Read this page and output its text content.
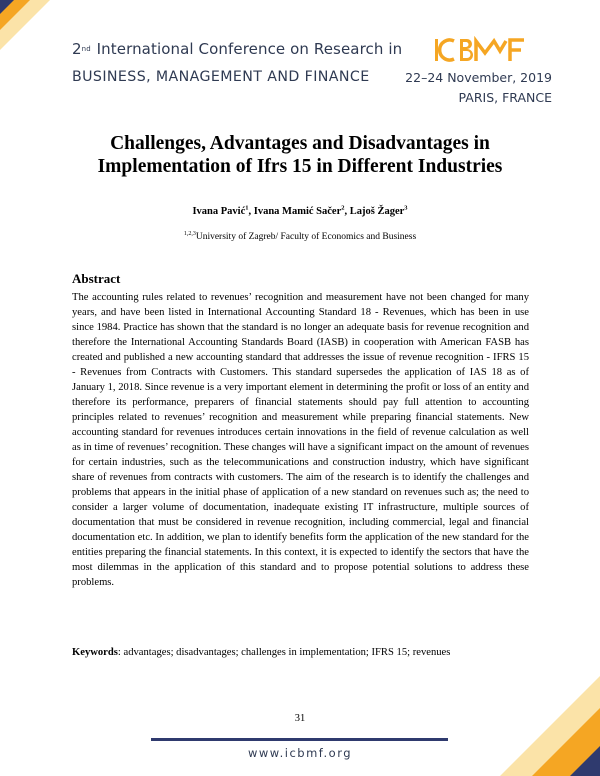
2nd International Conference on Research in
BUSINESS, MANAGEMENT AND FINANCE	22–24 November, 2019
PARIS, FRANCE
Challenges, Advantages and Disadvantages in
Implementation of Ifrs 15 in Different Industries
Ivana Pavić$^1$, Ivana Mamić Sačer$^2$, Lajoš Žager$^3$
$^{1,2,3}$University of Zagreb/ Faculty of Economics and Business
Abstract

The accounting rules related to revenues’ recognition and measurement have not been changed for many years, and have been listed in International Accounting Standard 18 - Revenues, which has been in use since 1984. Practice has shown that the standard is no longer an adequate basis for revenue recognition and therefore the International Accounting Standards Board (IASB) in cooperation with American FASB has created and published a new accounting standard that addresses the issue of revenue recognition - IFRS 15 - Revenues from Contracts with Customers. This standard supersedes the application of IAS 18 as of January 1, 2018. Since revenue is a very important element in determining the profit or loss of an entity and therefore its performance, preparers of financial statements should pay full attention to accounting principles related to revenues’ recognition and measurement while preparing financial statements. New accounting standard for revenues introduces certain innovations in the field of revenue calculation as well as in time of revenues’ recognition. These changes will have a significant impact on the amount of revenues for certain industries, such as the telecommunications and construction industry, which have significant share of revenues from contracts with customers. The aim of the research is to identify the challenges and problems that appears in the initial phase of application of a new standard on revenues such as; the need to consider a larger volume of documentation, inadequate existing IT infrastructure, multiple sources of documentation that must be considered in revenue recognition, including commercial, legal and financial documentation etc. In addition, we plan to identify benefits form the application of the new standard for the entities preparing the financial statements. In this context, it is expected to identify the sectors that have the most dilemmas in the application of this standard and to propose potential solutions to address these problems.

Keywords: advantages; disadvantages; challenges in implementation; IFRS 15; revenues
31
www.icbmf.org
